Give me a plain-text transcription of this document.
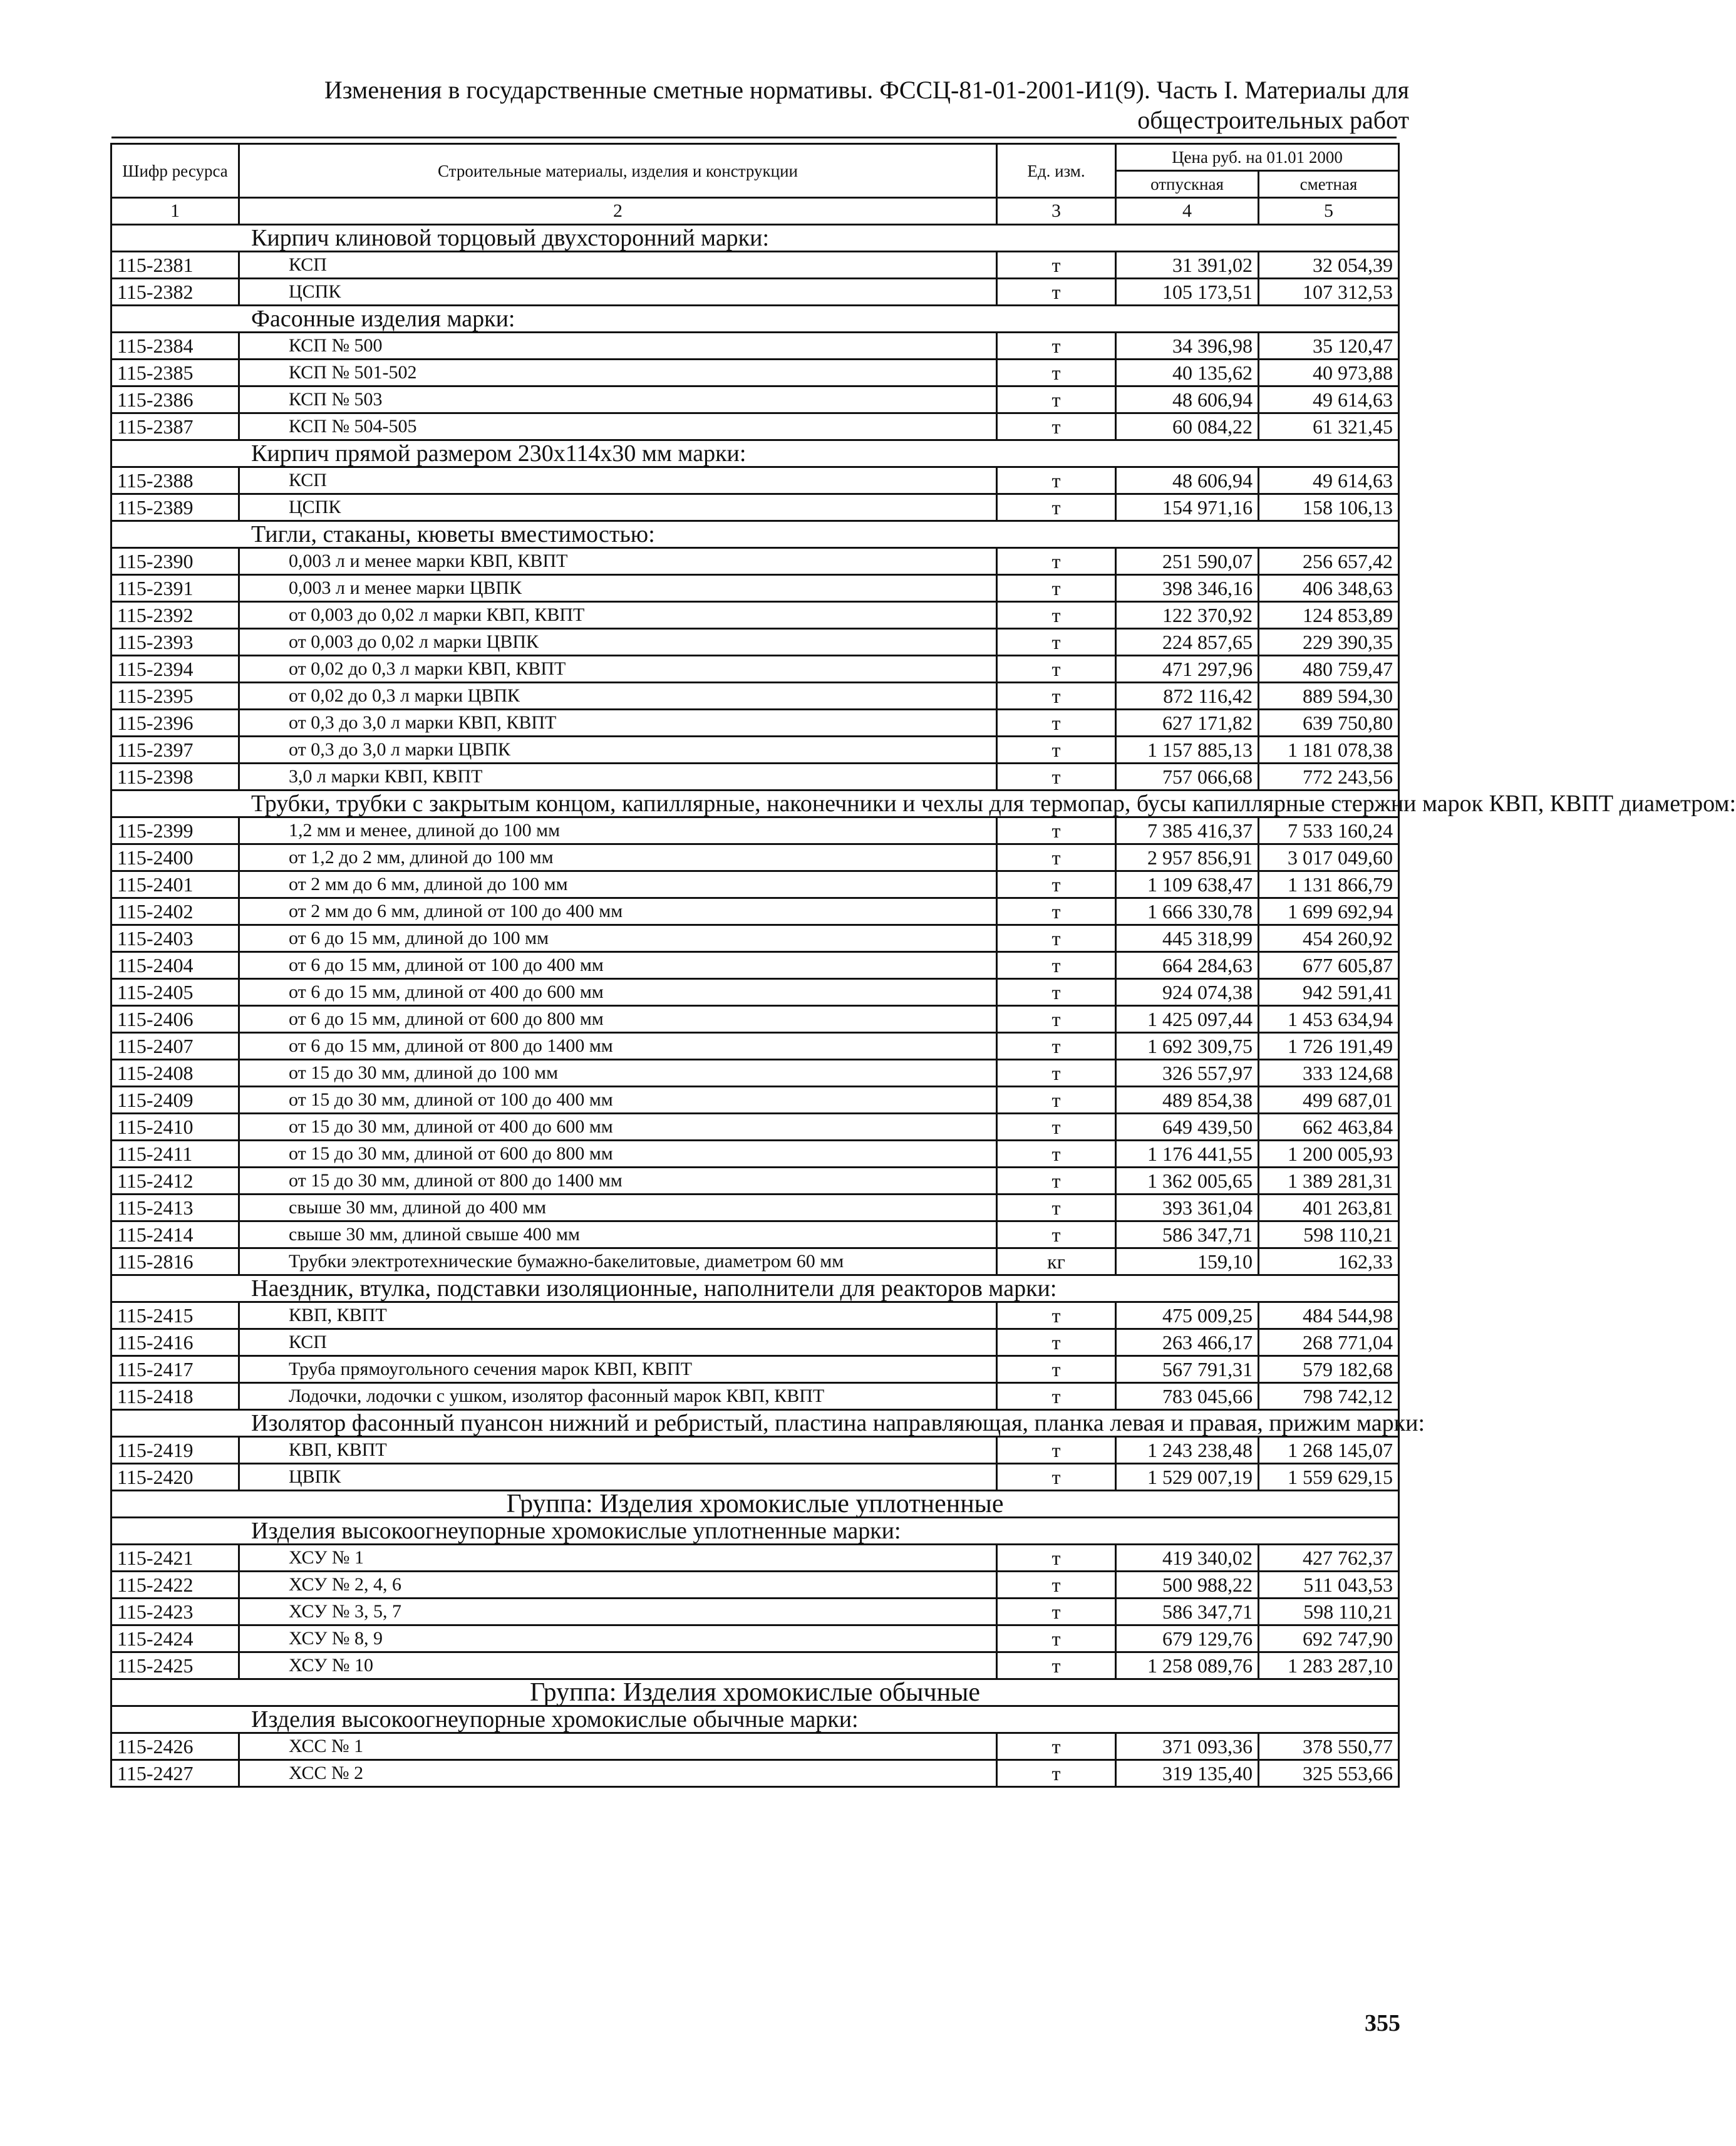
Изменения в государственные сметные нормативы. ФССЦ-81-01-2001-И1(9). Часть I. Материалы для
общестроительных работ
Шифр ресурса	Строительные материалы, изделия и конструкции	Ед. изм.	Цена руб. на 01.01 2000	
			отпускная	сметная
1	2	3	4	5
Кирпич клиновой торцовый двухсторонний марки:				
115-2381	КСП	т	31 391,02	32 054,39
115-2382	ЦСПК	т	105 173,51	107 312,53
Фасонные изделия марки:				
115-2384	КСП № 500	т	34 396,98	35 120,47
115-2385	КСП № 501-502	т	40 135,62	40 973,88
115-2386	КСП № 503	т	48 606,94	49 614,63
115-2387	КСП № 504-505	т	60 084,22	61 321,45
Кирпич прямой размером 230x114x30 мм марки:				
115-2388	КСП	т	48 606,94	49 614,63
115-2389	ЦСПК	т	154 971,16	158 106,13
Тигли, стаканы, кюветы вместимостью:				
115-2390	0,003 л и менее марки КВП, КВПТ	т	251 590,07	256 657,42
115-2391	0,003 л и менее марки ЦВПК	т	398 346,16	406 348,63
115-2392	от 0,003 до 0,02 л марки КВП, КВПТ	т	122 370,92	124 853,89
115-2393	от 0,003 до 0,02 л марки ЦВПК	т	224 857,65	229 390,35
115-2394	от 0,02 до 0,3 л марки КВП, КВПТ	т	471 297,96	480 759,47
115-2395	от 0,02 до 0,3 л марки ЦВПК	т	872 116,42	889 594,30
115-2396	от 0,3 до 3,0 л марки КВП, КВПТ	т	627 171,82	639 750,80
115-2397	от 0,3 до 3,0 л марки ЦВПК	т	1 157 885,13	1 181 078,38
115-2398	3,0 л марки КВП, КВПТ	т	757 066,68	772 243,56
Трубки, трубки с закрытым концом, капиллярные, наконечники и чехлы для термопар, бусы капиллярные стержни марок КВП, КВПТ диаметром:				
115-2399	1,2 мм и менее, длиной до 100 мм	т	7 385 416,37	7 533 160,24
115-2400	от 1,2 до 2 мм, длиной до 100 мм	т	2 957 856,91	3 017 049,60
115-2401	от 2 мм до 6 мм, длиной до 100 мм	т	1 109 638,47	1 131 866,79
115-2402	от 2 мм до 6 мм, длиной от 100 до 400 мм	т	1 666 330,78	1 699 692,94
115-2403	от 6 до 15 мм, длиной до 100 мм	т	445 318,99	454 260,92
115-2404	от 6 до 15 мм, длиной от 100 до 400 мм	т	664 284,63	677 605,87
115-2405	от 6 до 15 мм, длиной от 400 до 600 мм	т	924 074,38	942 591,41
115-2406	от 6 до 15 мм, длиной от 600 до 800 мм	т	1 425 097,44	1 453 634,94
115-2407	от 6 до 15 мм, длиной от 800 до 1400 мм	т	1 692 309,75	1 726 191,49
115-2408	от 15 до 30 мм, длиной до 100 мм	т	326 557,97	333 124,68
115-2409	от 15 до 30 мм, длиной от 100 до 400 мм	т	489 854,38	499 687,01
115-2410	от 15 до 30 мм, длиной от 400 до 600 мм	т	649 439,50	662 463,84
115-2411	от 15 до 30 мм, длиной от 600 до 800 мм	т	1 176 441,55	1 200 005,93
115-2412	от 15 до 30 мм, длиной от 800 до 1400 мм	т	1 362 005,65	1 389 281,31
115-2413	свыше 30 мм, длиной до 400 мм	т	393 361,04	401 263,81
115-2414	свыше 30 мм, длиной свыше 400 мм	т	586 347,71	598 110,21
115-2816	Трубки электротехнические бумажно-бакелитовые, диаметром 60 мм	кг	159,10	162,33
Наездник, втулка, подставки изоляционные, наполнители для реакторов марки:				
115-2415	КВП, КВПТ	т	475 009,25	484 544,98
115-2416	КСП	т	263 466,17	268 771,04
115-2417	Труба прямоугольного сечения марок КВП, КВПТ	т	567 791,31	579 182,68
115-2418	Лодочки, лодочки с ушком, изолятор фасонный марок КВП, КВПТ	т	783 045,66	798 742,12
Изолятор фасонный пуансон нижний и ребристый, пластина направляющая, планка левая и правая, прижим марки:				
115-2419	КВП, КВПТ	т	1 243 238,48	1 268 145,07
115-2420	ЦВПК	т	1 529 007,19	1 559 629,15
Группа: Изделия хромокислые уплотненные				
Изделия высокоогнеупорные хромокислые уплотненные марки:				
115-2421	ХСУ № 1	т	419 340,02	427 762,37
115-2422	ХСУ № 2, 4, 6	т	500 988,22	511 043,53
115-2423	ХСУ № 3, 5, 7	т	586 347,71	598 110,21
115-2424	ХСУ № 8, 9	т	679 129,76	692 747,90
115-2425	ХСУ № 10	т	1 258 089,76	1 283 287,10
Группа: Изделия хромокислые обычные				
Изделия высокоогнеупорные хромокислые обычные марки:				
115-2426	ХСС № 1	т	371 093,36	378 550,77
115-2427	ХСС № 2	т	319 135,40	325 553,66
355
